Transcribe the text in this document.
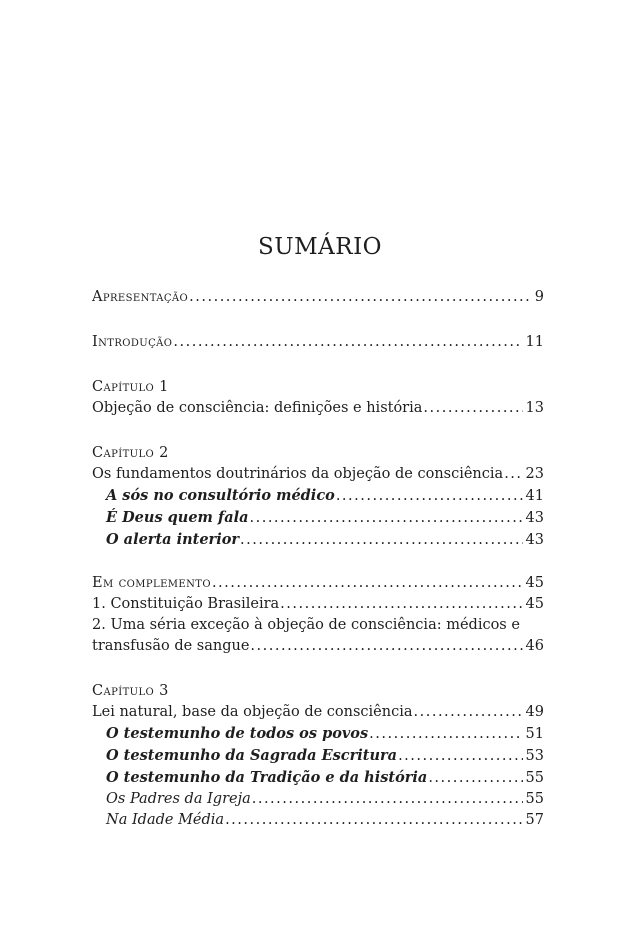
SUMÁRIO
Apresentação .....	9
Introdução .....	11
Capítulo 1
Objeção de consciência: definições e história .....	13
Capítulo 2
Os fundamentos doutrinários da objeção de consciência ..... 23
A sós no consultório médico .....	41
É Deus quem fala .....	43
O alerta interior .....	43
Em complemento .....	45
1. Constituição Brasileira .....	45
2. Uma séria exceção à objeção de consciência: médicos e
transfusão de sangue .....	46
Capítulo 3
Lei natural, base da objeção de consciência .....	49
O testemunho de todos os povos .....	51
O testemunho da Sagrada Escritura .....	53
O testemunho da Tradição e da história .....	55
Os Padres da Igreja .....	55
Na Idade Média .....	57
